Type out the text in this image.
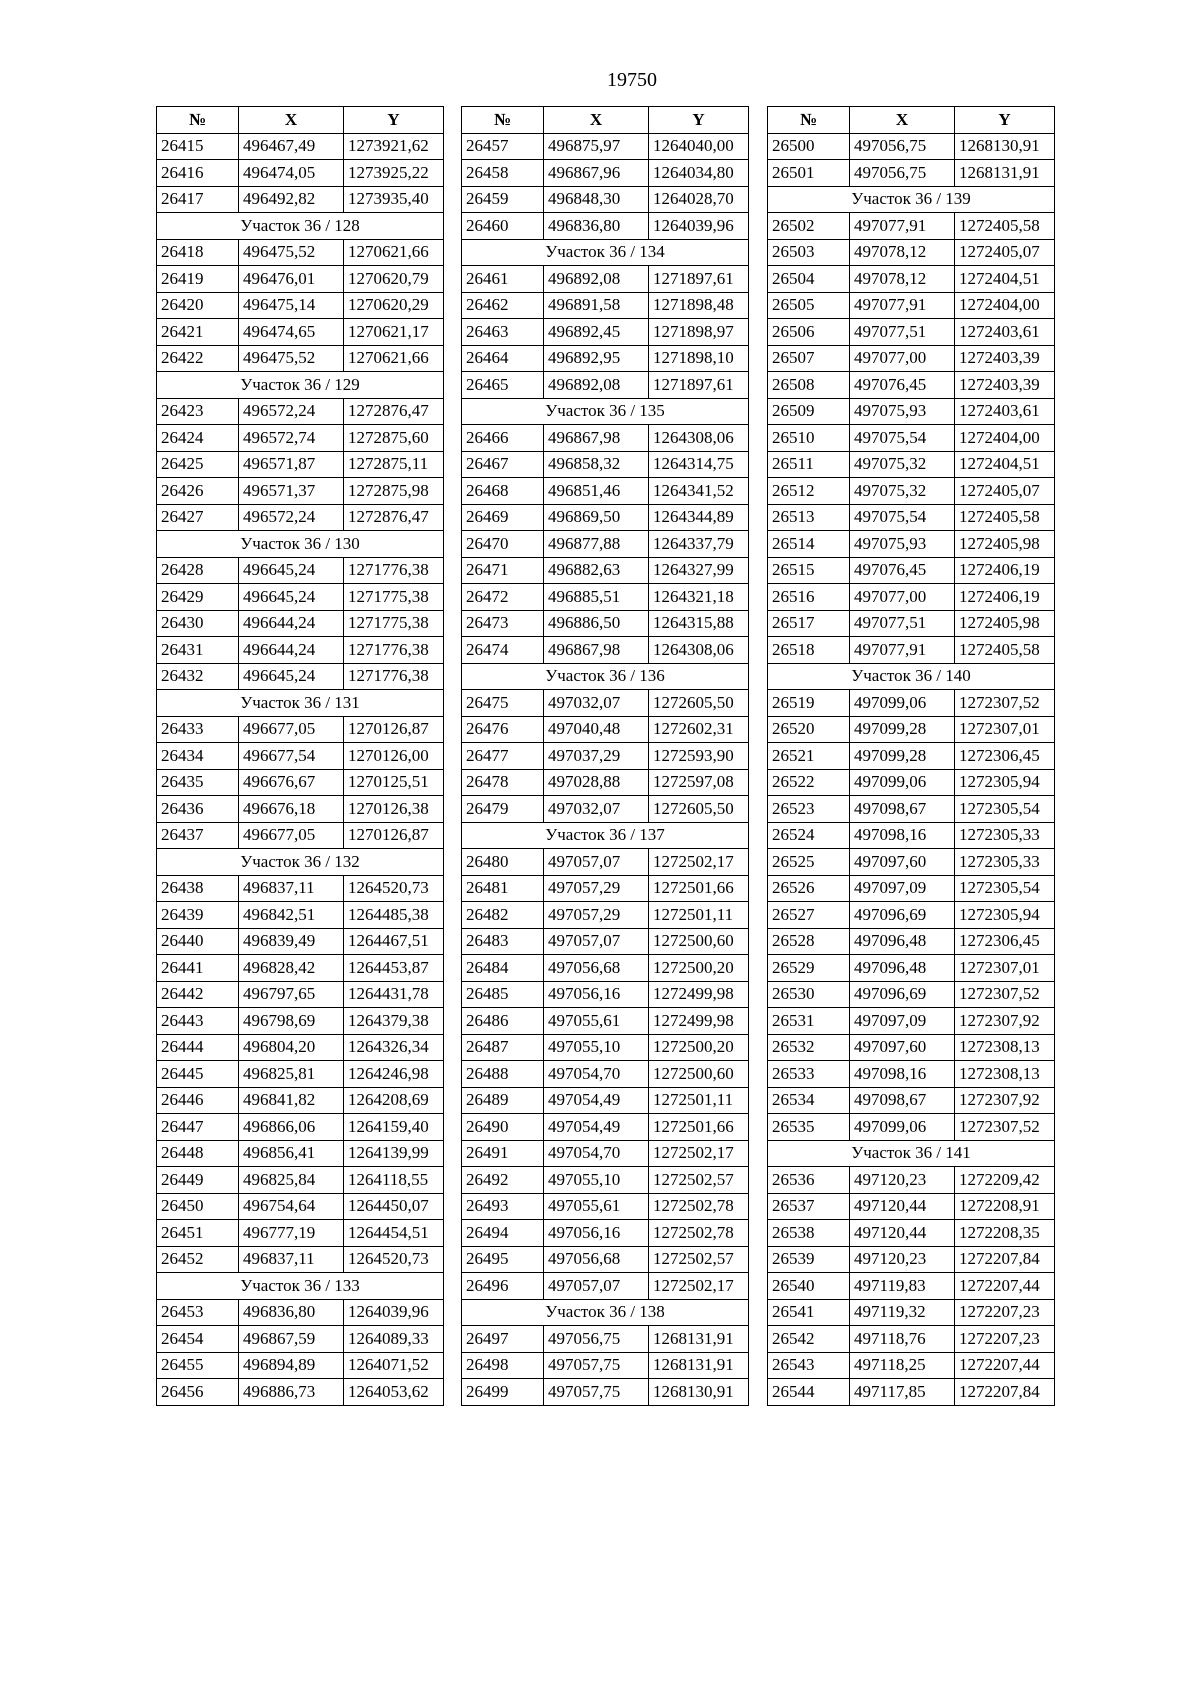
19750
№	X	Y
26415	496467,49	1273921,62
26416	496474,05	1273925,22
26417	496492,82	1273935,40
Участок 36 / 128		
26418	496475,52	1270621,66
26419	496476,01	1270620,79
26420	496475,14	1270620,29
26421	496474,65	1270621,17
26422	496475,52	1270621,66
Участок 36 / 129		
26423	496572,24	1272876,47
26424	496572,74	1272875,60
26425	496571,87	1272875,11
26426	496571,37	1272875,98
26427	496572,24	1272876,47
Участок 36 / 130		
26428	496645,24	1271776,38
26429	496645,24	1271775,38
26430	496644,24	1271775,38
26431	496644,24	1271776,38
26432	496645,24	1271776,38
Участок 36 / 131		
26433	496677,05	1270126,87
26434	496677,54	1270126,00
26435	496676,67	1270125,51
26436	496676,18	1270126,38
26437	496677,05	1270126,87
Участок 36 / 132		
26438	496837,11	1264520,73
26439	496842,51	1264485,38
26440	496839,49	1264467,51
26441	496828,42	1264453,87
26442	496797,65	1264431,78
26443	496798,69	1264379,38
26444	496804,20	1264326,34
26445	496825,81	1264246,98
26446	496841,82	1264208,69
26447	496866,06	1264159,40
26448	496856,41	1264139,99
26449	496825,84	1264118,55
26450	496754,64	1264450,07
26451	496777,19	1264454,51
26452	496837,11	1264520,73
Участок 36 / 133		
26453	496836,80	1264039,96
26454	496867,59	1264089,33
26455	496894,89	1264071,52
26456	496886,73	1264053,62
№	X	Y
26457	496875,97	1264040,00
26458	496867,96	1264034,80
26459	496848,30	1264028,70
26460	496836,80	1264039,96
Участок 36 / 134		
26461	496892,08	1271897,61
26462	496891,58	1271898,48
26463	496892,45	1271898,97
26464	496892,95	1271898,10
26465	496892,08	1271897,61
Участок 36 / 135		
26466	496867,98	1264308,06
26467	496858,32	1264314,75
26468	496851,46	1264341,52
26469	496869,50	1264344,89
26470	496877,88	1264337,79
26471	496882,63	1264327,99
26472	496885,51	1264321,18
26473	496886,50	1264315,88
26474	496867,98	1264308,06
Участок 36 / 136		
26475	497032,07	1272605,50
26476	497040,48	1272602,31
26477	497037,29	1272593,90
26478	497028,88	1272597,08
26479	497032,07	1272605,50
Участок 36 / 137		
26480	497057,07	1272502,17
26481	497057,29	1272501,66
26482	497057,29	1272501,11
26483	497057,07	1272500,60
26484	497056,68	1272500,20
26485	497056,16	1272499,98
26486	497055,61	1272499,98
26487	497055,10	1272500,20
26488	497054,70	1272500,60
26489	497054,49	1272501,11
26490	497054,49	1272501,66
26491	497054,70	1272502,17
26492	497055,10	1272502,57
26493	497055,61	1272502,78
26494	497056,16	1272502,78
26495	497056,68	1272502,57
26496	497057,07	1272502,17
Участок 36 / 138		
26497	497056,75	1268131,91
26498	497057,75	1268131,91
26499	497057,75	1268130,91
№	X	Y
26500	497056,75	1268130,91
26501	497056,75	1268131,91
Участок 36 / 139		
26502	497077,91	1272405,58
26503	497078,12	1272405,07
26504	497078,12	1272404,51
26505	497077,91	1272404,00
26506	497077,51	1272403,61
26507	497077,00	1272403,39
26508	497076,45	1272403,39
26509	497075,93	1272403,61
26510	497075,54	1272404,00
26511	497075,32	1272404,51
26512	497075,32	1272405,07
26513	497075,54	1272405,58
26514	497075,93	1272405,98
26515	497076,45	1272406,19
26516	497077,00	1272406,19
26517	497077,51	1272405,98
26518	497077,91	1272405,58
Участок 36 / 140		
26519	497099,06	1272307,52
26520	497099,28	1272307,01
26521	497099,28	1272306,45
26522	497099,06	1272305,94
26523	497098,67	1272305,54
26524	497098,16	1272305,33
26525	497097,60	1272305,33
26526	497097,09	1272305,54
26527	497096,69	1272305,94
26528	497096,48	1272306,45
26529	497096,48	1272307,01
26530	497096,69	1272307,52
26531	497097,09	1272307,92
26532	497097,60	1272308,13
26533	497098,16	1272308,13
26534	497098,67	1272307,92
26535	497099,06	1272307,52
Участок 36 / 141		
26536	497120,23	1272209,42
26537	497120,44	1272208,91
26538	497120,44	1272208,35
26539	497120,23	1272207,84
26540	497119,83	1272207,44
26541	497119,32	1272207,23
26542	497118,76	1272207,23
26543	497118,25	1272207,44
26544	497117,85	1272207,84
